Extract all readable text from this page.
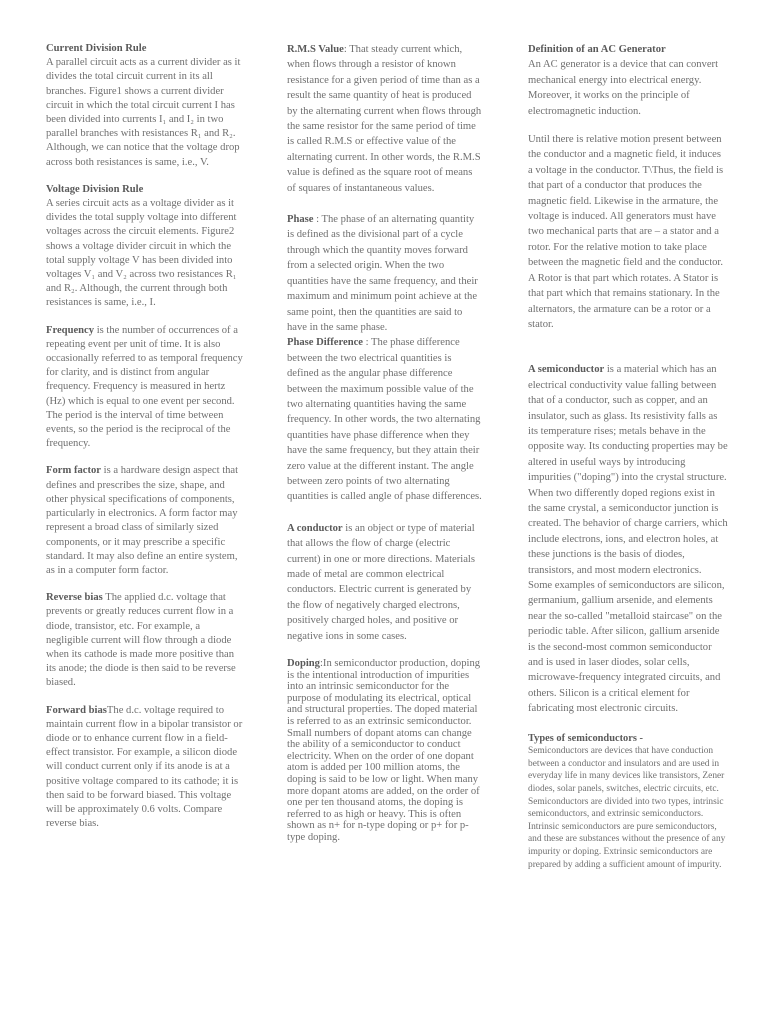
Current Division Rule
A parallel circuit acts as a current divider as it divides the total circuit current in its all branches. Figure1 shows a current divider circuit in which the total circuit current I has been divided into currents I₁ and I₂ in two parallel branches with resistances R₁ and R₂. Although, we can notice that the voltage drop across both resistances is same, i.e., V.
Voltage Division Rule
A series circuit acts as a voltage divider as it divides the total supply voltage into different voltages across the circuit elements. Figure2 shows a voltage divider circuit in which the total supply voltage V has been divided into voltages V₁ and V₂ across two resistances R₁ and R₂. Although, the current through both resistances is same, i.e., I.
Frequency is the number of occurrences of a repeating event per unit of time. It is also occasionally referred to as temporal frequency for clarity, and is distinct from angular frequency. Frequency is measured in hertz (Hz) which is equal to one event per second. The period is the interval of time between events, so the period is the reciprocal of the frequency.
Form factor is a hardware design aspect that defines and prescribes the size, shape, and other physical specifications of components, particularly in electronics. A form factor may represent a broad class of similarly sized components, or it may prescribe a specific standard. It may also define an entire system, as in a computer form factor.
Reverse bias The applied d.c. voltage that prevents or greatly reduces current flow in a diode, transistor, etc. For example, a negligible current will flow through a diode when its cathode is made more positive than its anode; the diode is then said to be reverse biased.
Forward biasThe d.c. voltage required to maintain current flow in a bipolar transistor or diode or to enhance current flow in a field-effect transistor. For example, a silicon diode will conduct current only if its anode is at a positive voltage compared to its cathode; it is then said to be forward biased. This voltage will be approximately 0.6 volts. Compare reverse bias.
R.M.S Value: That steady current which, when flows through a resistor of known resistance for a given period of time than as a result the same quantity of heat is produced by the alternating current when flows through the same resistor for the same period of time is called R.M.S or effective value of the alternating current. In other words, the R.M.S value is defined as the square root of means of squares of instantaneous values.
Phase : The phase of an alternating quantity is defined as the divisional part of a cycle through which the quantity moves forward from a selected origin. When the two quantities have the same frequency, and their maximum and minimum point achieve at the same point, then the quantities are said to have in the same phase.
Phase Difference : The phase difference between the two electrical quantities is defined as the angular phase difference between the maximum possible value of the two alternating quantities having the same frequency. In other words, the two alternating quantities have phase difference when they have the same frequency, but they attain their zero value at the different instant. The angle between zero points of two alternating quantities is called angle of phase differences.
A conductor is an object or type of material that allows the flow of charge (electric current) in one or more directions. Materials made of metal are common electrical conductors. Electric current is generated by the flow of negatively charged electrons, positively charged holes, and positive or negative ions in some cases.
Doping:In semiconductor production, doping is the intentional introduction of impurities into an intrinsic semiconductor for the purpose of modulating its electrical, optical and structural properties. The doped material is referred to as an extrinsic semiconductor. Small numbers of dopant atoms can change the ability of a semiconductor to conduct electricity. When on the order of one dopant atom is added per 100 million atoms, the doping is said to be low or light. When many more dopant atoms are added, on the order of one per ten thousand atoms, the doping is referred to as high or heavy. This is often shown as n+ for n-type doping or p+ for p-type doping.
Definition of an AC Generator
An AC generator is a device that can convert mechanical energy into electrical energy. Moreover, it works on the principle of electromagnetic induction.
Until there is relative motion present between the conductor and a magnetic field, it induces a voltage in the conductor. T\Thus, the field is that part of a conductor that produces the magnetic field. Likewise in the armature, the voltage is induced. All generators must have two mechanical parts that are – a stator and a rotor. For the relative motion to take place between the magnetic field and the conductor. A Rotor is that part which rotates. A Stator is that part which that remains stationary. In the alternators, the armature can be a rotor or a stator.
A semiconductor is a material which has an electrical conductivity value falling between that of a conductor, such as copper, and an insulator, such as glass. Its resistivity falls as its temperature rises; metals behave in the opposite way. Its conducting properties may be altered in useful ways by introducing impurities ("doping") into the crystal structure. When two differently doped regions exist in the same crystal, a semiconductor junction is created. The behavior of charge carriers, which include electrons, ions, and electron holes, at these junctions is the basis of diodes, transistors, and most modern electronics. Some examples of semiconductors are silicon, germanium, gallium arsenide, and elements near the so-called "metalloid staircase" on the periodic table. After silicon, gallium arsenide is the second-most common semiconductor and is used in laser diodes, solar cells, microwave-frequency integrated circuits, and others. Silicon is a critical element for fabricating most electronic circuits.
Types of semiconductors -
Semiconductors are devices that have conduction between a conductor and insulators and are used in everyday life in many devices like transistors, Zener diodes, solar panels, switches, electric circuits, etc. Semiconductors are divided into two types, intrinsic semiconductors, and extrinsic semiconductors. Intrinsic semiconductors are pure semiconductors, and these are substances without the presence of any impurity or doping. Extrinsic semiconductors are prepared by adding a sufficient amount of impurity.
